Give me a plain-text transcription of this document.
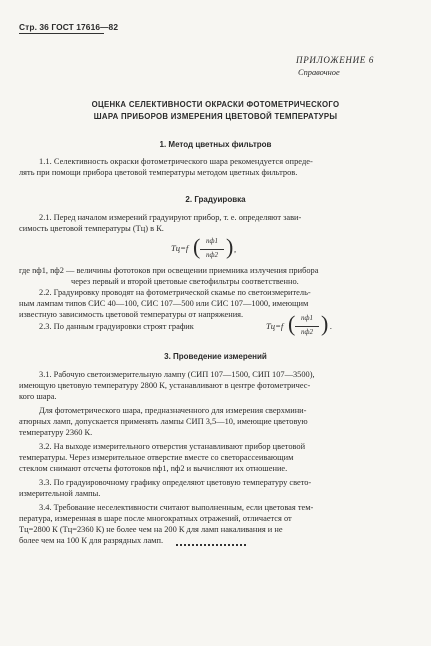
Стр. 36 ГОСТ 17616—82
ПРИЛОЖЕНИЕ 6
Справочное
ОЦЕНКА СЕЛЕКТИВНОСТИ ОКРАСКИ ФОТОМЕТРИЧЕСКОГО
ШАРА ПРИБОРОВ ИЗМЕРЕНИЯ ЦВЕТОВОЙ ТЕМПЕРАТУРЫ
1. Метод цветных фильтров
1.1. Селективность окраски фотометрического шара рекомендуется опреде-
лять при помощи прибора цветовой температуры методом цветных фильтров.
2. Градуировка
2.1. Перед началом измерений градуируют прибор, т. е. определяют зави-
симость цветовой температуры (Тц) в К.
Тц=f ( nф1
nф2 ) ,
где nф1, nф2 — величины фототоков при освещении приемника излучения прибора
через первый и второй цветовые светофильтры соответственно.
2.2. Градуировку проводят на фотометрической скамье по светоизмеритель-
ным лампам типов СИС 40—100, СИС 107—500 или СИС 107—1000, имеющим
известную зависимость цветовой температуры от напряжения.
2.3. По данным градуировки строят график	Тц=f ( nф1
nф2 ) .
3. Проведение измерений
3.1. Рабочую светоизмерительную лампу (СИП 107—1500, СИП 107—3500),
имеющую цветовую температуру 2800 К, устанавливают в центре фотометричес-
кого шара.
Для фотометрического шара, предназначенного для измерения сверхмини-
атюрных ламп, допускается применять лампы СИП 3,5—10, имеющие цветовую
температуру 2360 К.
3.2. На выходе измерительного отверстия устанавливают прибор цветовой
температуры. Через измерительное отверстие вместе со светорассеивающим
стеклом снимают отсчеты фототоков nф1, nф2 и вычисляют их отношение.
3.3. По градуировочному графику определяют цветовую температуру свето-
измерительной лампы.
3.4. Требование неселективности считают выполненным, если цветовая тем-
пература, измеренная в шаре после многократных отражений, отличается от
Тц=2800 К (Тц=2360 К) не более чем на 200 К для ламп накаливания и не
более чем на 100 К для разрядных ламп.
